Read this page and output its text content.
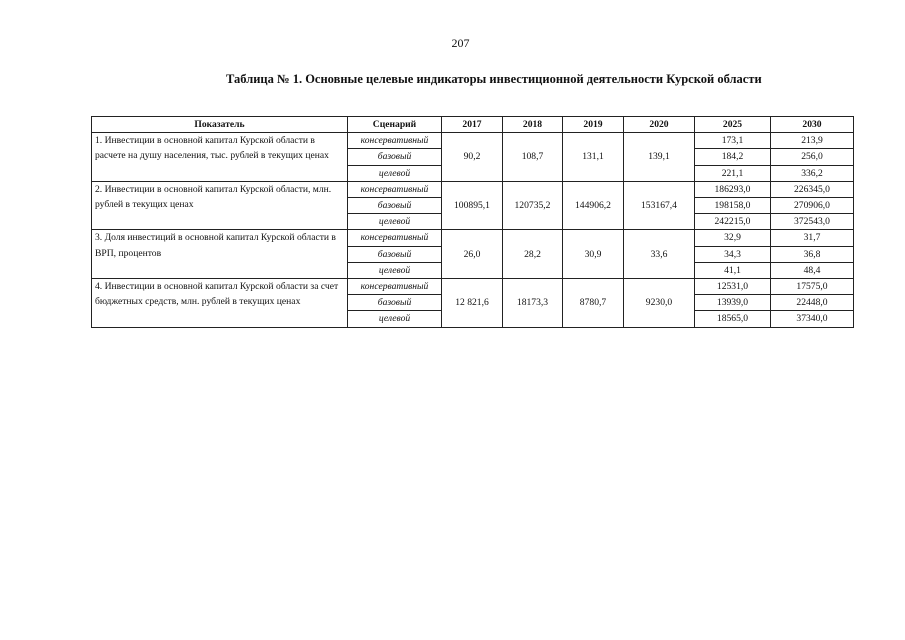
207
Таблица № 1. Основные целевые индикаторы инвестиционной деятельности Курской области
Показатель	Сценарий	2017	2018	2019	2020	2025	2030
1. Инвестиции в основной капитал Курской области в расчете на душу населения, тыс. рублей в текущих ценах	консервативный	90,2	108,7	131,1	139,1	173,1	213,9
	базовый					184,2	256,0
	целевой					221,1	336,2
2. Инвестиции в основной капитал Курской области, млн. рублей в текущих ценах	консервативный	100895,1	120735,2	144906,2	153167,4	186293,0	226345,0
	базовый					198158,0	270906,0
	целевой					242215,0	372543,0
3. Доля инвестиций в основной капитал Курской области в ВРП, процентов	консервативный	26,0	28,2	30,9	33,6	32,9	31,7
	базовый					34,3	36,8
	целевой					41,1	48,4
4. Инвестиции в основной капитал Курской области за счет бюджетных средств, млн. рублей в текущих ценах	консервативный	12 821,6	18173,3	8780,7	9230,0	12531,0	17575,0
	базовый					13939,0	22448,0
	целевой					18565,0	37340,0
